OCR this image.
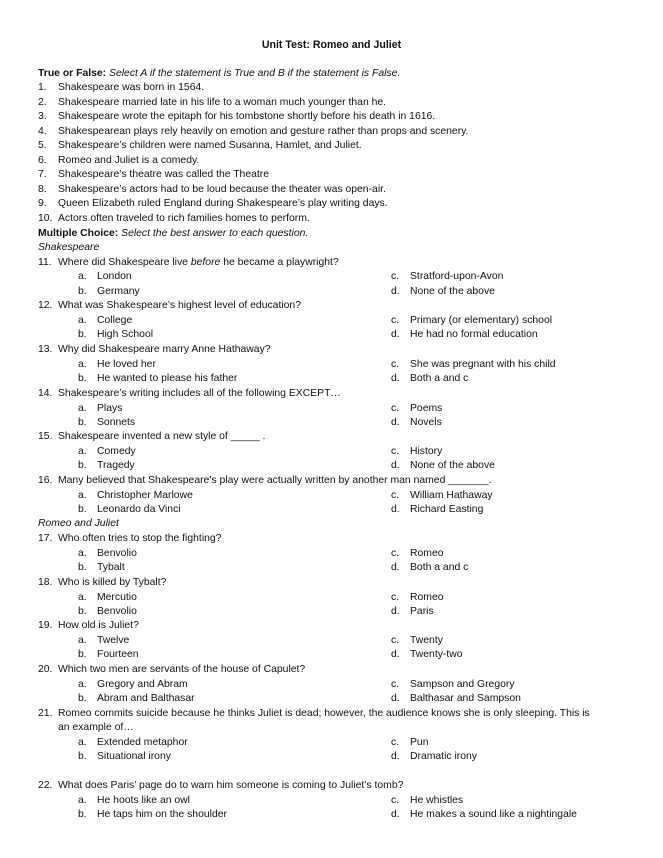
Unit Test: Romeo and Juliet
True or False: Select A if the statement is True and B if the statement is False.
1. Shakespeare was born in 1564.
2. Shakespeare married late in his life to a woman much younger than he.
3. Shakespeare wrote the epitaph for his tombstone shortly before his death in 1616.
4. Shakespearean plays rely heavily on emotion and gesture rather than props and scenery.
5. Shakespeare’s children were named Susanna, Hamlet, and Juliet.
6. Romeo and Juliet is a comedy.
7. Shakespeare’s theatre was called the Theatre
8. Shakespeare’s actors had to be loud because the theater was open-air.
9. Queen Elizabeth ruled England during Shakespeare’s play writing days.
10. Actors often traveled to rich families homes to perform.
Multiple Choice: Select the best answer to each question.
Shakespeare
11. Where did Shakespeare live before he became a playwright?
a. London	c. Stratford-upon-Avon
b. Germany	d. None of the above
Romeo and Juliet
12. What was Shakespeare’s highest level of education?
a. College	c. Primary (or elementary) school
b. High School	d. He had no formal education
13. Why did Shakespeare marry Anne Hathaway?
a. He loved her	c. She was pregnant with his child
b. He wanted to please his father	d. Both a and c
14. Shakespeare’s writing includes all of the following EXCEPT…
a. Plays	c. Poems
b. Sonnets	d. Novels
15. Shakespeare invented a new style of _____ .
a. Comedy	c. History
b. Tragedy	d. None of the above
16. Many believed that Shakespeare’s play were actually written by another man named _______.
a. Christopher Marlowe	c. William Hathaway
b. Leonardo da Vinci	d. Richard Easting
17. Who often tries to stop the fighting?
a. Benvolio	c. Romeo
b. Tybalt	d. Both a and c
18. Who is killed by Tybalt?
a. Mercutio	c. Romeo
b. Benvolio	d. Paris
19. How old is Juliet?
a. Twelve	c. Twenty
b. Fourteen	d. Twenty-two
20. Which two men are servants of the house of Capulet?
a. Gregory and Abram	c. Sampson and Gregory
b. Abram and Balthasar	d. Balthasar and Sampson
22. What does Paris’ page do to warn him someone is coming to Juliet’s tomb?
a. He hoots like an owl	c. He whistles
b. He taps him on the shoulder	d. He makes a sound like a nightingale
21. Romeo commits suicide because he thinks Juliet is dead; however, the audience knows she is only sleeping. This is
an example of…
a. Extended metaphor	c. Pun
b. Situational irony	d. Dramatic irony
